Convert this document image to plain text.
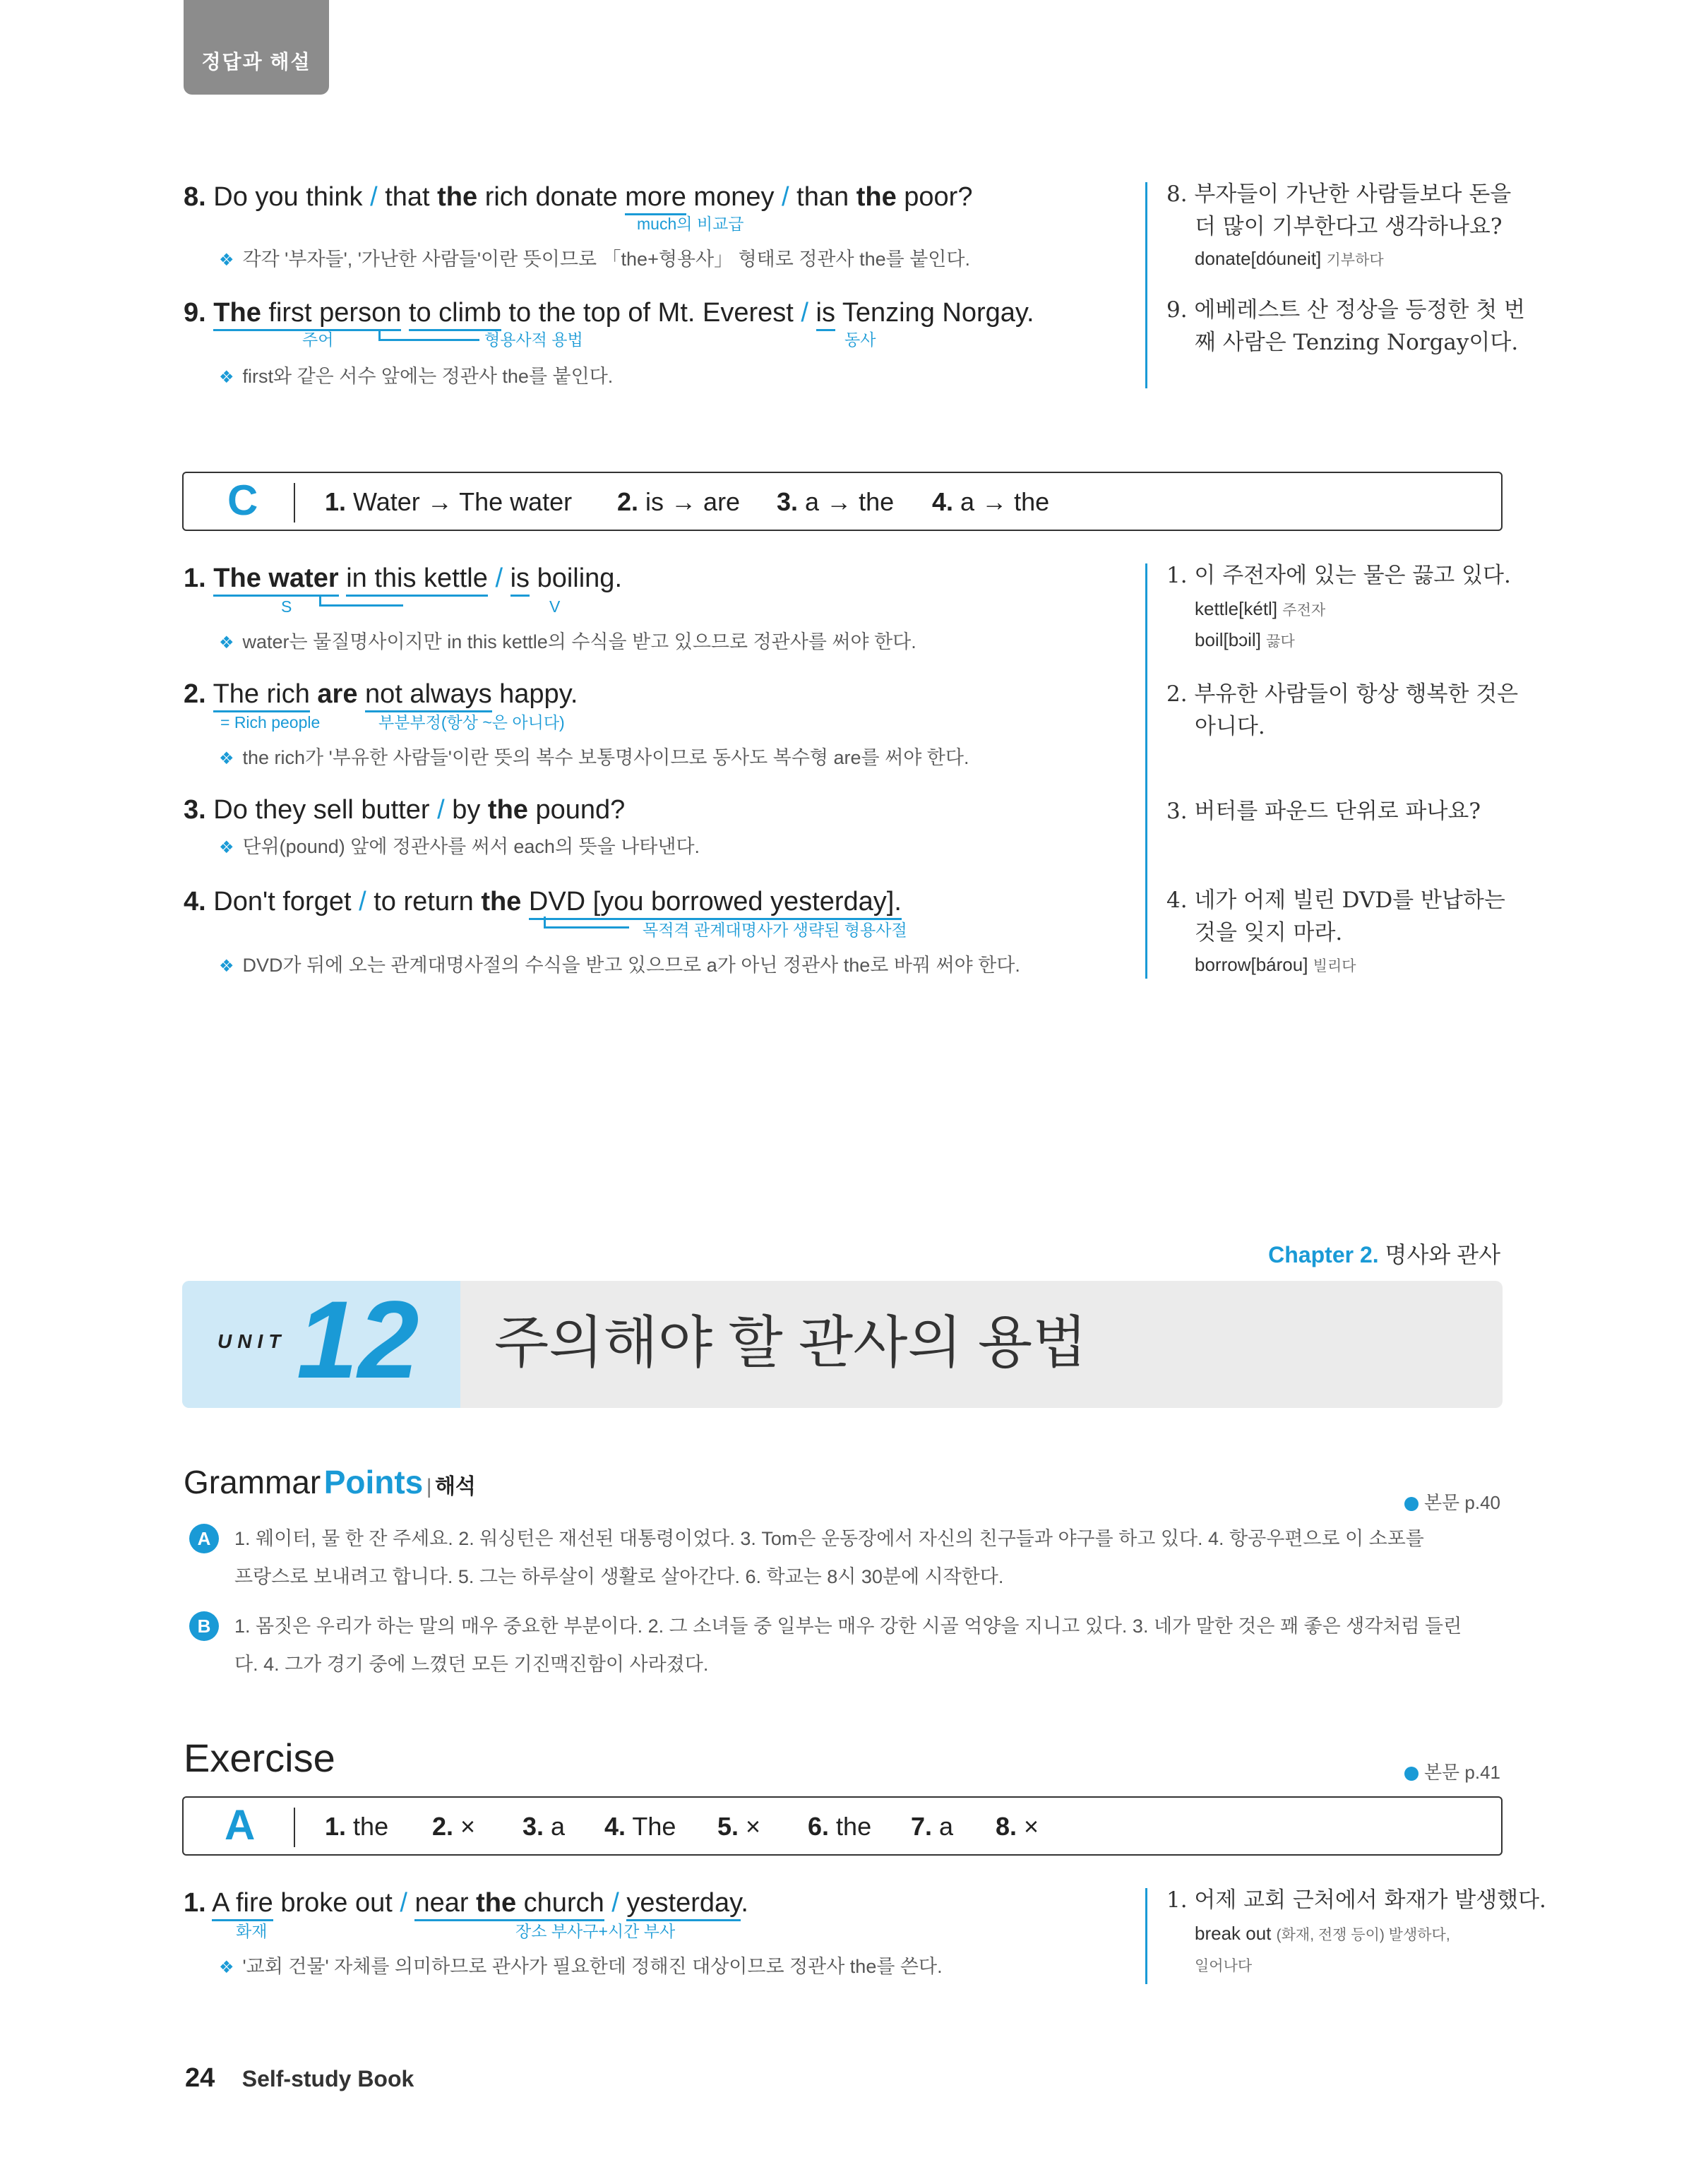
정답과 해설
8. Do you think / that the rich donate more money / than the poor?
much의 비교급
❖ 각각 '부자들', '가난한 사람들'이란 뜻이므로 「the+형용사」 형태로 정관사 the를 붙인다.
9. The first person to climb to the top of Mt. Everest / is Tenzing Norgay.
주어	형용사적 용법	동사
❖ first와 같은 서수 앞에는 정관사 the를 붙인다.
8. 부자들이 가난한 사람들보다 돈을
더 많이 기부한다고 생각하나요?
donate[dóuneit] 기부하다
9. 에베레스트 산 정상을 등정한 첫 번
째 사람은 Tenzing Norgay이다.
C	1. Water → The water 2. is → are 3. a → the 4. a → the
1. The water in this kettle / is boiling.
S	V
❖ water는 물질명사이지만 in this kettle의 수식을 받고 있으므로 정관사를 써야 한다.
2. The rich are not always happy.
= Rich people	부분부정(항상 ~은 아니다)
❖ the rich가 '부유한 사람들'이란 뜻의 복수 보통명사이므로 동사도 복수형 are를 써야 한다.
3. Do they sell butter / by the pound?
❖ 단위(pound) 앞에 정관사를 써서 each의 뜻을 나타낸다.
4. Don't forget / to return the DVD [you borrowed yesterday].
목적격 관계대명사가 생략된 형용사절
❖ DVD가 뒤에 오는 관계대명사절의 수식을 받고 있으므로 a가 아닌 정관사 the로 바꿔 써야 한다.
1. 이 주전자에 있는 물은 끓고 있다.
kettle[kétl] 주전자
boil[bɔil] 끓다
2. 부유한 사람들이 항상 행복한 것은
아니다.
3. 버터를 파운드 단위로 파나요?
4. 네가 어제 빌린 DVD를 반납하는
것을 잊지 마라.
borrow[bárou] 빌리다
Chapter 2. 명사와 관사
UNIT 12 주의해야 할 관사의 용법
Grammar Points | 해석
본문 p.40
A	1. 웨이터, 물 한 잔 주세요. 2. 워싱턴은 재선된 대통령이었다. 3. Tom은 운동장에서 자신의 친구들과 야구를 하고 있다. 4. 항공우편으로 이 소포를
프랑스로 보내려고 합니다. 5. 그는 하루살이 생활로 살아간다. 6. 학교는 8시 30분에 시작한다.
B	1. 몸짓은 우리가 하는 말의 매우 중요한 부분이다. 2. 그 소녀들 중 일부는 매우 강한 시골 억양을 지니고 있다. 3. 네가 말한 것은 꽤 좋은 생각처럼 들린
다. 4. 그가 경기 중에 느꼈던 모든 기진맥진함이 사라졌다.
Exercise	본문 p.41
A	1. the 2. × 3. a 4. The 5. × 6. the 7. a 8. ×
1. A fire broke out / near the church / yesterday.
화재	장소 부사구+시간 부사
❖ '교회 건물' 자체를 의미하므로 관사가 필요한데 정해진 대상이므로 정관사 the를 쓴다.
1. 어제 교회 근처에서 화재가 발생했다.
break out (화재, 전쟁 등이) 발생하다,
일어나다
24 Self-study Book
